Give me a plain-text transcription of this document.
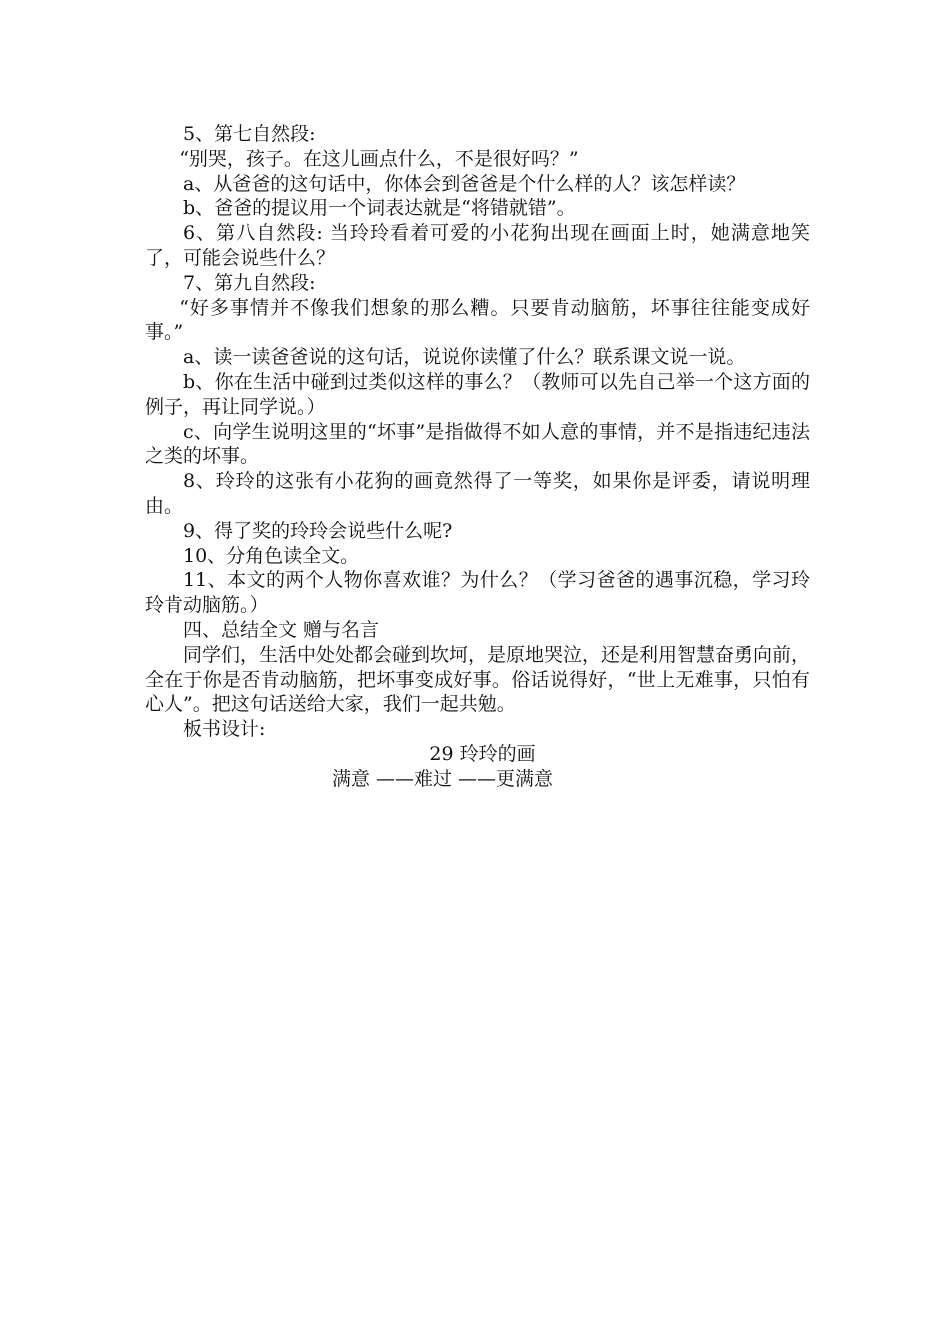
5、第七自然段:

“别哭，孩子。在这儿画点什么，不是很好吗？”

a、从爸爸的这句话中，你体会到爸爸是个什么样的人？该怎样读？

b、爸爸的提议用一个词表达就是“将错就错”。

6、第八自然段: 当玲玲看着可爱的小花狗出现在画面上时，她满意地笑了，可能会说些什么？

7、第九自然段:

“好多事情并不像我们想象的那么糟。只要肯动脑筋，坏事往往能变成好事。”

a、读一读爸爸说的这句话，说说你读懂了什么？联系课文说一说。

b、你在生活中碰到过类似这样的事么？（教师可以先自己举一个这方面的例子，再让同学说。）

c、向学生说明这里的“坏事”是指做得不如人意的事情，并不是指违纪违法之类的坏事。

8、玲玲的这张有小花狗的画竟然得了一等奖，如果你是评委，请说明理由。

9、得了奖的玲玲会说些什么呢?

10、分角色读全文。

11、本文的两个人物你喜欢谁？为什么？（学习爸爸的遇事沉稳，学习玲玲肯动脑筋。）

四、总结全文 赠与名言

同学们，生活中处处都会碰到坎坷，是原地哭泣，还是利用智慧奋勇向前，全在于你是否肯动脑筋，把坏事变成好事。俗话说得好，“世上无难事，只怕有心人”。把这句话送给大家，我们一起共勉。

板书设计:

29 玲玲的画
满意 ——难过 ——更满意
